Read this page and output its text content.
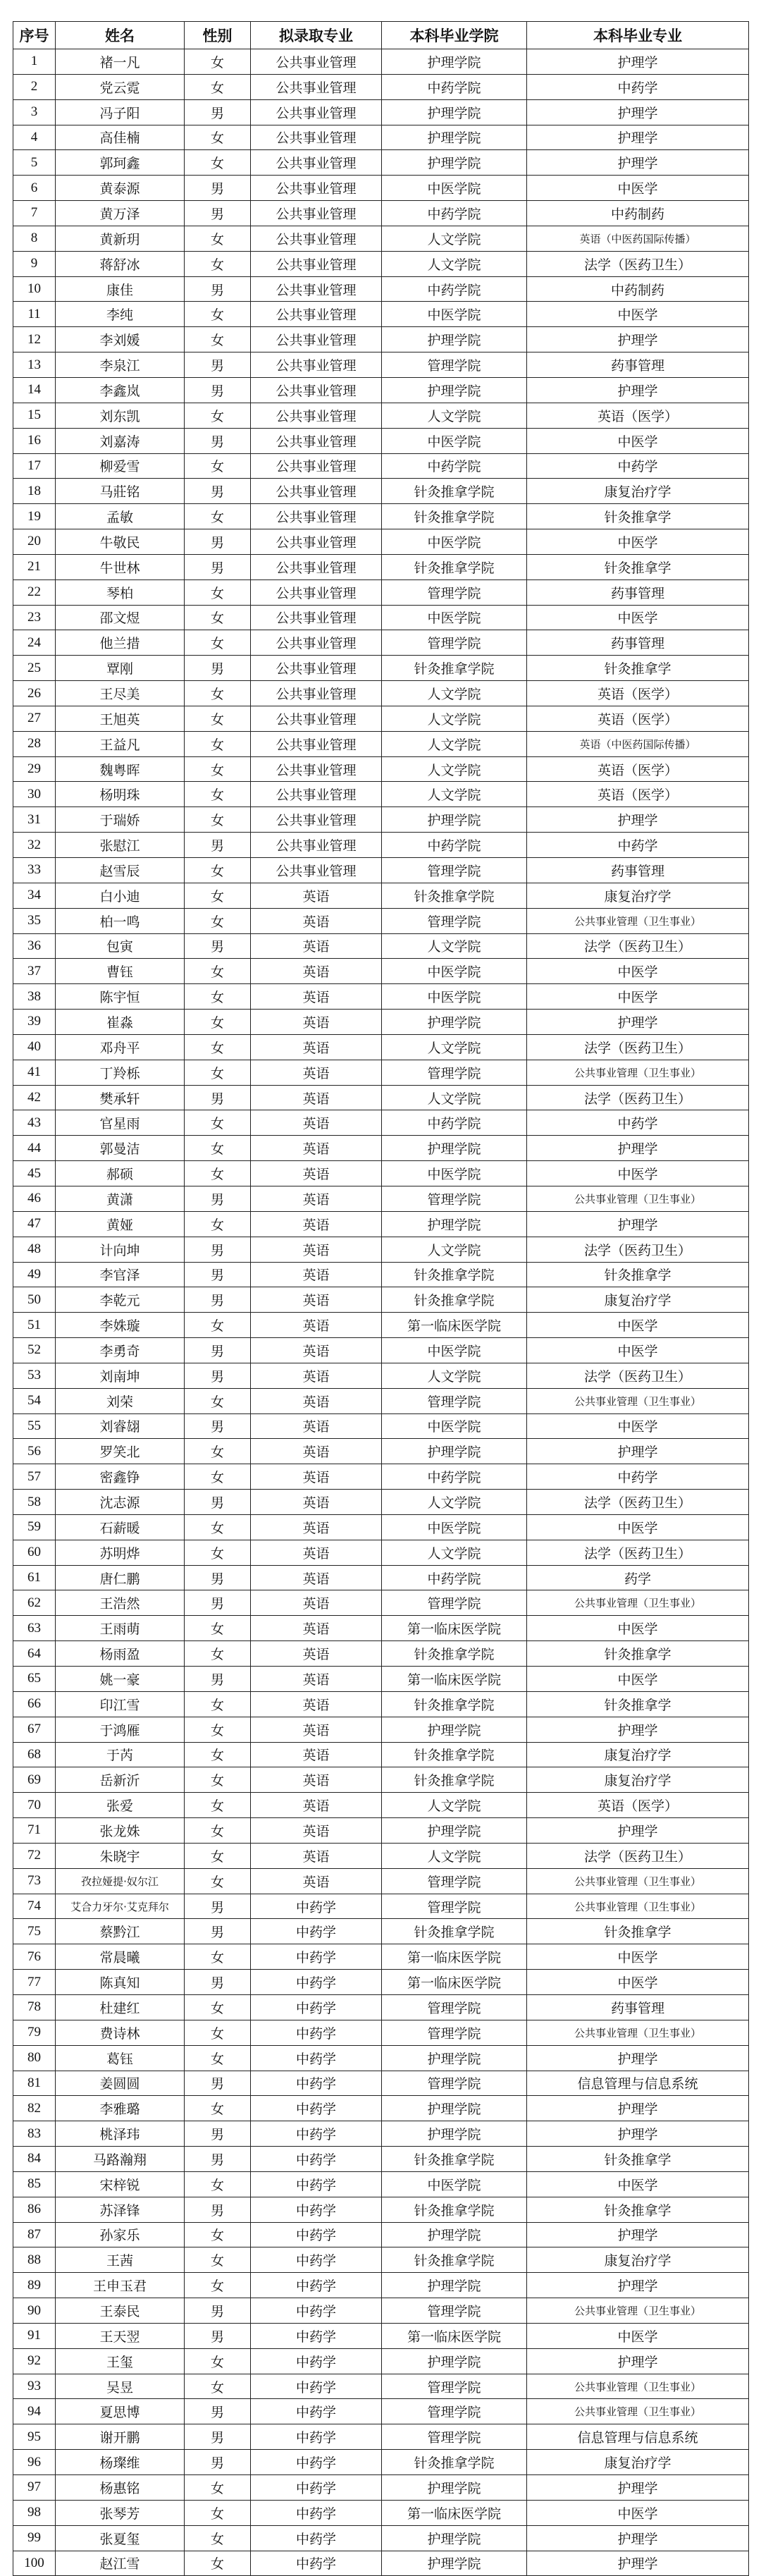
序号	姓名	性别	拟录取专业	本科毕业学院	本科毕业专业
1	褚一凡	女	公共事业管理	护理学院	护理学
2	党云霓	女	公共事业管理	中药学院	中药学
3	冯子阳	男	公共事业管理	护理学院	护理学
4	高佳楠	女	公共事业管理	护理学院	护理学
5	郭珂鑫	女	公共事业管理	护理学院	护理学
6	黄泰源	男	公共事业管理	中医学院	中医学
7	黄万泽	男	公共事业管理	中药学院	中药制药
8	黄新玥	女	公共事业管理	人文学院	英语（中医药国际传播）
9	蒋舒冰	女	公共事业管理	人文学院	法学（医药卫生）
10	康佳	男	公共事业管理	中药学院	中药制药
11	李纯	女	公共事业管理	中医学院	中医学
12	李刘媛	女	公共事业管理	护理学院	护理学
13	李泉江	男	公共事业管理	管理学院	药事管理
14	李鑫岚	男	公共事业管理	护理学院	护理学
15	刘东凯	女	公共事业管理	人文学院	英语（医学）
16	刘嘉涛	男	公共事业管理	中医学院	中医学
17	柳爱雪	女	公共事业管理	中药学院	中药学
18	马莊铭	男	公共事业管理	针灸推拿学院	康复治疗学
19	孟敏	女	公共事业管理	针灸推拿学院	针灸推拿学
20	牛敬民	男	公共事业管理	中医学院	中医学
21	牛世林	男	公共事业管理	针灸推拿学院	针灸推拿学
22	琴柏	女	公共事业管理	管理学院	药事管理
23	邵文煜	女	公共事业管理	中医学院	中医学
24	他兰措	女	公共事业管理	管理学院	药事管理
25	覃刚	男	公共事业管理	针灸推拿学院	针灸推拿学
26	王尽美	女	公共事业管理	人文学院	英语（医学）
27	王旭英	女	公共事业管理	人文学院	英语（医学）
28	王益凡	女	公共事业管理	人文学院	英语（中医药国际传播）
29	魏粤晖	女	公共事业管理	人文学院	英语（医学）
30	杨明珠	女	公共事业管理	人文学院	英语（医学）
31	于瑞娇	女	公共事业管理	护理学院	护理学
32	张慰江	男	公共事业管理	中药学院	中药学
33	赵雪辰	女	公共事业管理	管理学院	药事管理
34	白小迪	女	英语	针灸推拿学院	康复治疗学
35	柏一鸣	女	英语	管理学院	公共事业管理（卫生事业）
36	包寅	男	英语	人文学院	法学（医药卫生）
37	曹钰	女	英语	中医学院	中医学
38	陈宇恒	女	英语	中医学院	中医学
39	崔淼	女	英语	护理学院	护理学
40	邓舟平	女	英语	人文学院	法学（医药卫生）
41	丁羚栎	女	英语	管理学院	公共事业管理（卫生事业）
42	樊承轩	男	英语	人文学院	法学（医药卫生）
43	官星雨	女	英语	中药学院	中药学
44	郭曼洁	女	英语	护理学院	护理学
45	郝硕	女	英语	中医学院	中医学
46	黄潇	男	英语	管理学院	公共事业管理（卫生事业）
47	黄娅	女	英语	护理学院	护理学
48	计向坤	男	英语	人文学院	法学（医药卫生）
49	李官泽	男	英语	针灸推拿学院	针灸推拿学
50	李乾元	男	英语	针灸推拿学院	康复治疗学
51	李姝璇	女	英语	第一临床医学院	中医学
52	李勇奇	男	英语	中医学院	中医学
53	刘南坤	男	英语	人文学院	法学（医药卫生）
54	刘荣	女	英语	管理学院	公共事业管理（卫生事业）
55	刘睿翃	男	英语	中医学院	中医学
56	罗笑北	女	英语	护理学院	护理学
57	密鑫铮	女	英语	中药学院	中药学
58	沈志源	男	英语	人文学院	法学（医药卫生）
59	石薪暖	女	英语	中医学院	中医学
60	苏明烨	女	英语	人文学院	法学（医药卫生）
61	唐仁鹏	男	英语	中药学院	药学
62	王浩然	男	英语	管理学院	公共事业管理（卫生事业）
63	王雨萌	女	英语	第一临床医学院	中医学
64	杨雨盈	女	英语	针灸推拿学院	针灸推拿学
65	姚一豪	男	英语	第一临床医学院	中医学
66	印江雪	女	英语	针灸推拿学院	针灸推拿学
67	于鸿雁	女	英语	护理学院	护理学
68	于芮	女	英语	针灸推拿学院	康复治疗学
69	岳新沂	女	英语	针灸推拿学院	康复治疗学
70	张爱	女	英语	人文学院	英语（医学）
71	张龙姝	女	英语	护理学院	护理学
72	朱晓宇	女	英语	人文学院	法学（医药卫生）
73	孜拉娅提·奴尔江	女	英语	管理学院	公共事业管理（卫生事业）
74	艾合力牙尔·艾克拜尔	男	中药学	管理学院	公共事业管理（卫生事业）
75	蔡黔江	男	中药学	针灸推拿学院	针灸推拿学
76	常晨曦	女	中药学	第一临床医学院	中医学
77	陈真知	男	中药学	第一临床医学院	中医学
78	杜建红	女	中药学	管理学院	药事管理
79	费诗林	女	中药学	管理学院	公共事业管理（卫生事业）
80	葛钰	女	中药学	护理学院	护理学
81	姜圆圆	男	中药学	管理学院	信息管理与信息系统
82	李雅璐	女	中药学	护理学院	护理学
83	桃泽玮	男	中药学	护理学院	护理学
84	马路瀚翔	男	中药学	针灸推拿学院	针灸推拿学
85	宋梓锐	女	中药学	中医学院	中医学
86	苏泽锋	男	中药学	针灸推拿学院	针灸推拿学
87	孙家乐	女	中药学	护理学院	护理学
88	王茜	女	中药学	针灸推拿学院	康复治疗学
89	王申玉君	女	中药学	护理学院	护理学
90	王泰民	男	中药学	管理学院	公共事业管理（卫生事业）
91	王天翌	男	中药学	第一临床医学院	中医学
92	王玺	女	中药学	护理学院	护理学
93	吴昱	女	中药学	管理学院	公共事业管理（卫生事业）
94	夏思博	男	中药学	管理学院	公共事业管理（卫生事业）
95	谢开鹏	男	中药学	管理学院	信息管理与信息系统
96	杨璨维	男	中药学	针灸推拿学院	康复治疗学
97	杨惠铭	女	中药学	护理学院	护理学
98	张琴芳	女	中药学	第一临床医学院	中医学
99	张夏玺	女	中药学	护理学院	护理学
100	赵江雪	女	中药学	护理学院	护理学
